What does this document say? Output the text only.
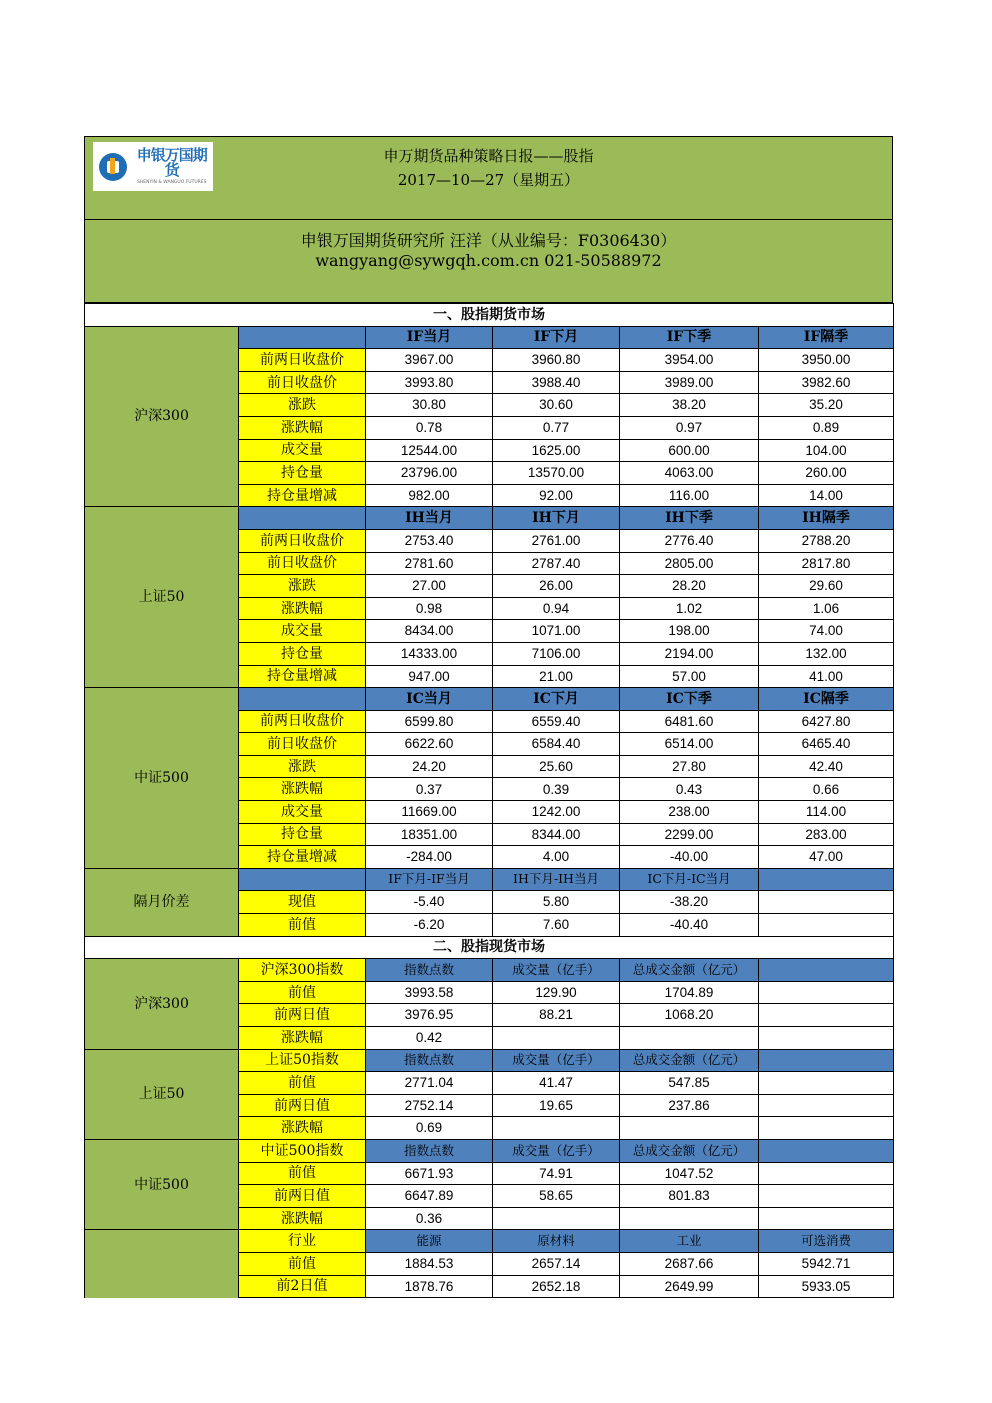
申银万国期货
SHENYIN & WANGUO FUTURES
申万期货品种策略日报——股指
2017—10—27（星期五）
申银万国期货研究所 汪洋（从业编号：F0306430）
wangyang@sywgqh.com.cn 021-50588972
一、股指期货市场					
沪深300		IF当月	IF下月	IF下季	IF隔季
	前两日收盘价	3967.00	3960.80	3954.00	3950.00
	前日收盘价	3993.80	3988.40	3989.00	3982.60
	涨跌	30.80	30.60	38.20	35.20
	涨跌幅	0.78	0.77	0.97	0.89
	成交量	12544.00	1625.00	600.00	104.00
	持仓量	23796.00	13570.00	4063.00	260.00
	持仓量增减	982.00	92.00	116.00	14.00
上证50		IH当月	IH下月	IH下季	IH隔季
	前两日收盘价	2753.40	2761.00	2776.40	2788.20
	前日收盘价	2781.60	2787.40	2805.00	2817.80
	涨跌	27.00	26.00	28.20	29.60
	涨跌幅	0.98	0.94	1.02	1.06
	成交量	8434.00	1071.00	198.00	74.00
	持仓量	14333.00	7106.00	2194.00	132.00
	持仓量增减	947.00	21.00	57.00	41.00
中证500		IC当月	IC下月	IC下季	IC隔季
	前两日收盘价	6599.80	6559.40	6481.60	6427.80
	前日收盘价	6622.60	6584.40	6514.00	6465.40
	涨跌	24.20	25.60	27.80	42.40
	涨跌幅	0.37	0.39	0.43	0.66
	成交量	11669.00	1242.00	238.00	114.00
	持仓量	18351.00	8344.00	2299.00	283.00
	持仓量增减	-284.00	4.00	-40.00	47.00
隔月价差		IF下月-IF当月	IH下月-IH当月	IC下月-IC当月	
	现值	-5.40	5.80	-38.20	
	前值	-6.20	7.60	-40.40	
二、股指现货市场					
沪深300	沪深300指数	指数点数	成交量（亿手）	总成交金额（亿元）	
	前值	3993.58	129.90	1704.89	
	前两日值	3976.95	88.21	1068.20	
	涨跌幅	0.42			
上证50	上证50指数	指数点数	成交量（亿手）	总成交金额（亿元）	
	前值	2771.04	41.47	547.85	
	前两日值	2752.14	19.65	237.86	
	涨跌幅	0.69			
中证500	中证500指数	指数点数	成交量（亿手）	总成交金额（亿元）	
	前值	6671.93	74.91	1047.52	
	前两日值	6647.89	58.65	801.83	
	涨跌幅	0.36			
	行业	能源	原材料	工业	可选消费
	前值	1884.53	2657.14	2687.66	5942.71
	前2日值	1878.76	2652.18	2649.99	5933.05
